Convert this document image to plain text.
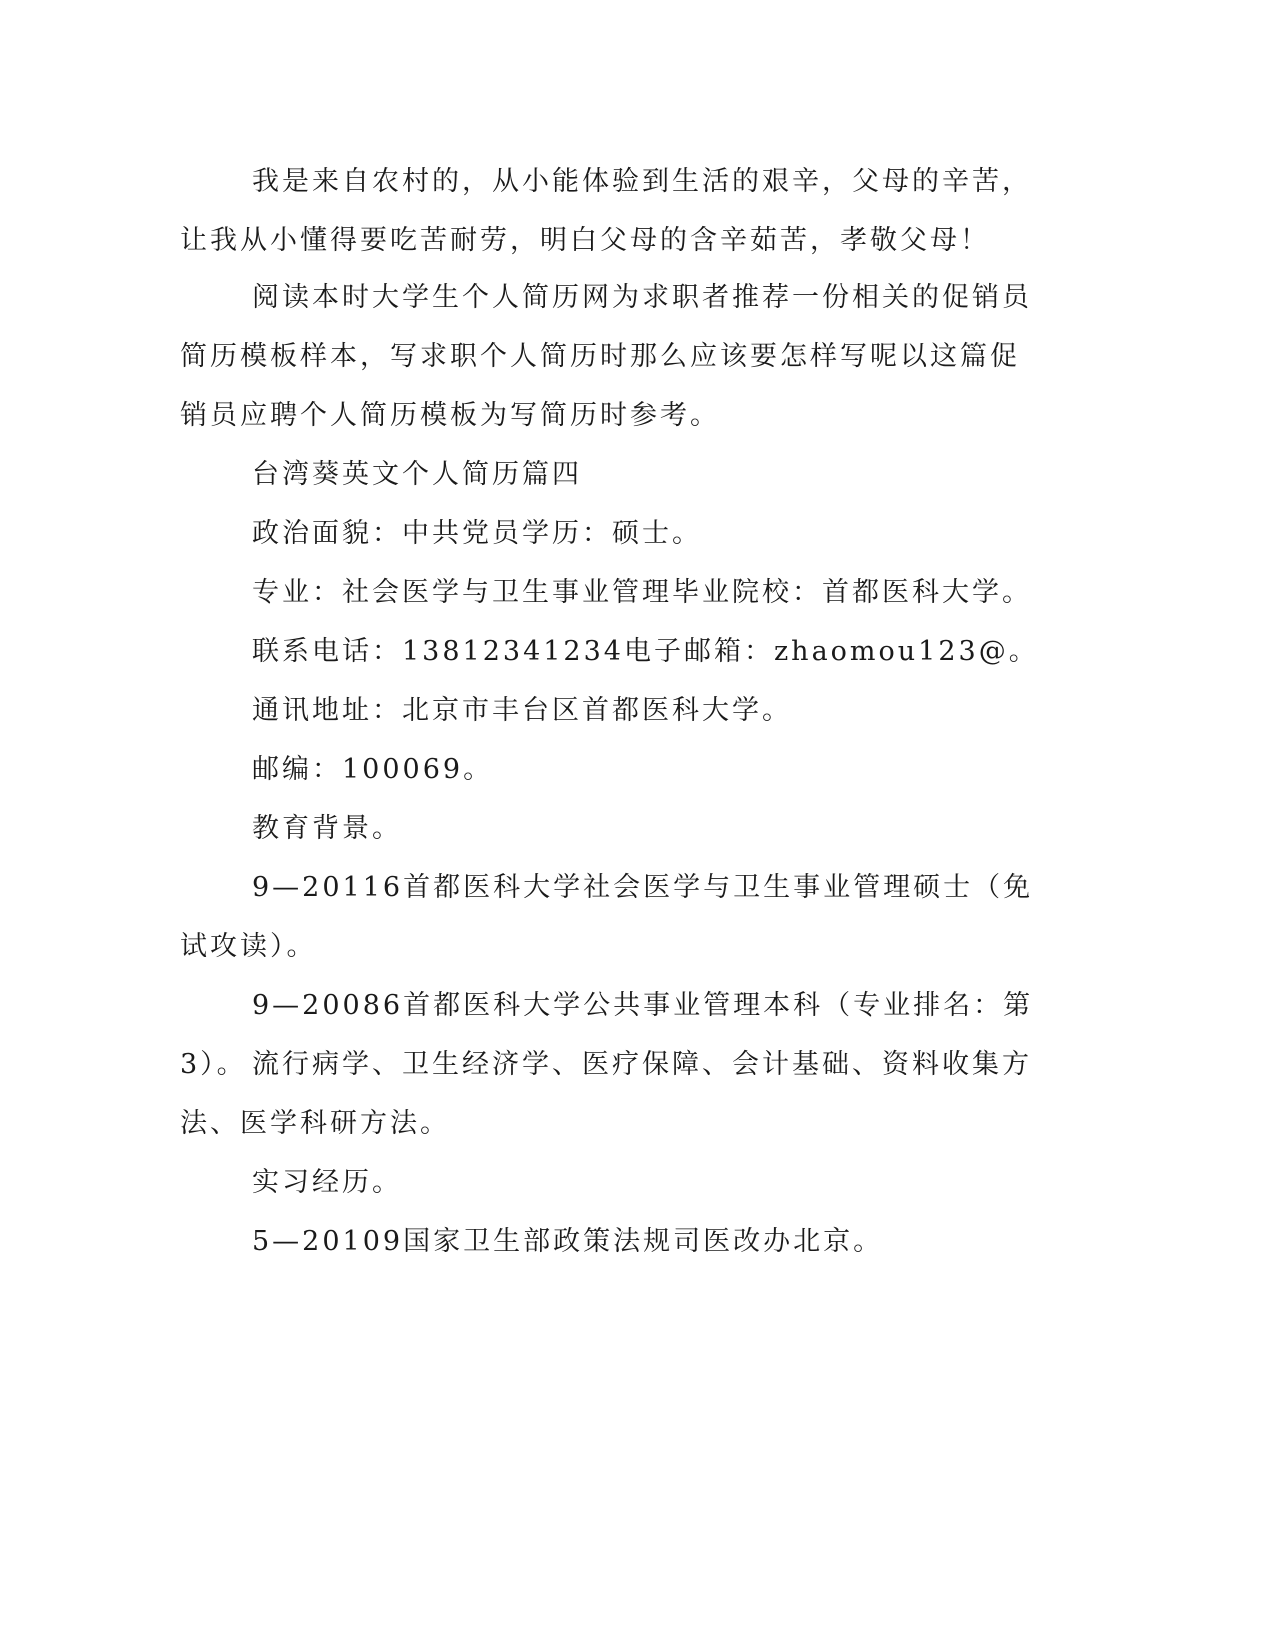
我是来自农村的，从小能体验到生活的艰辛，父母的辛苦，让我从小懂得要吃苦耐劳，明白父母的含辛茹苦，孝敬父母！

阅读本时大学生个人简历网为求职者推荐一份相关的促销员简历模板样本，写求职个人简历时那么应该要怎样写呢以这篇促销员应聘个人简历模板为写简历时参考。

台湾葵英文个人简历篇四

政治面貌：中共党员学历：硕士。

专业：社会医学与卫生事业管理毕业院校：首都医科大学。

联系电话：13812341234电子邮箱：zhaomou123@。

通讯地址：北京市丰台区首都医科大学。

邮编：100069。

教育背景。

9—20116首都医科大学社会医学与卫生事业管理硕士（免试攻读）。

9—20086首都医科大学公共事业管理本科（专业排名：第3）。 流行病学、卫生经济学、医疗保障、会计基础、资料收集方法、医学科研方法。

实习经历。

5—20109国家卫生部政策法规司医改办北京。
